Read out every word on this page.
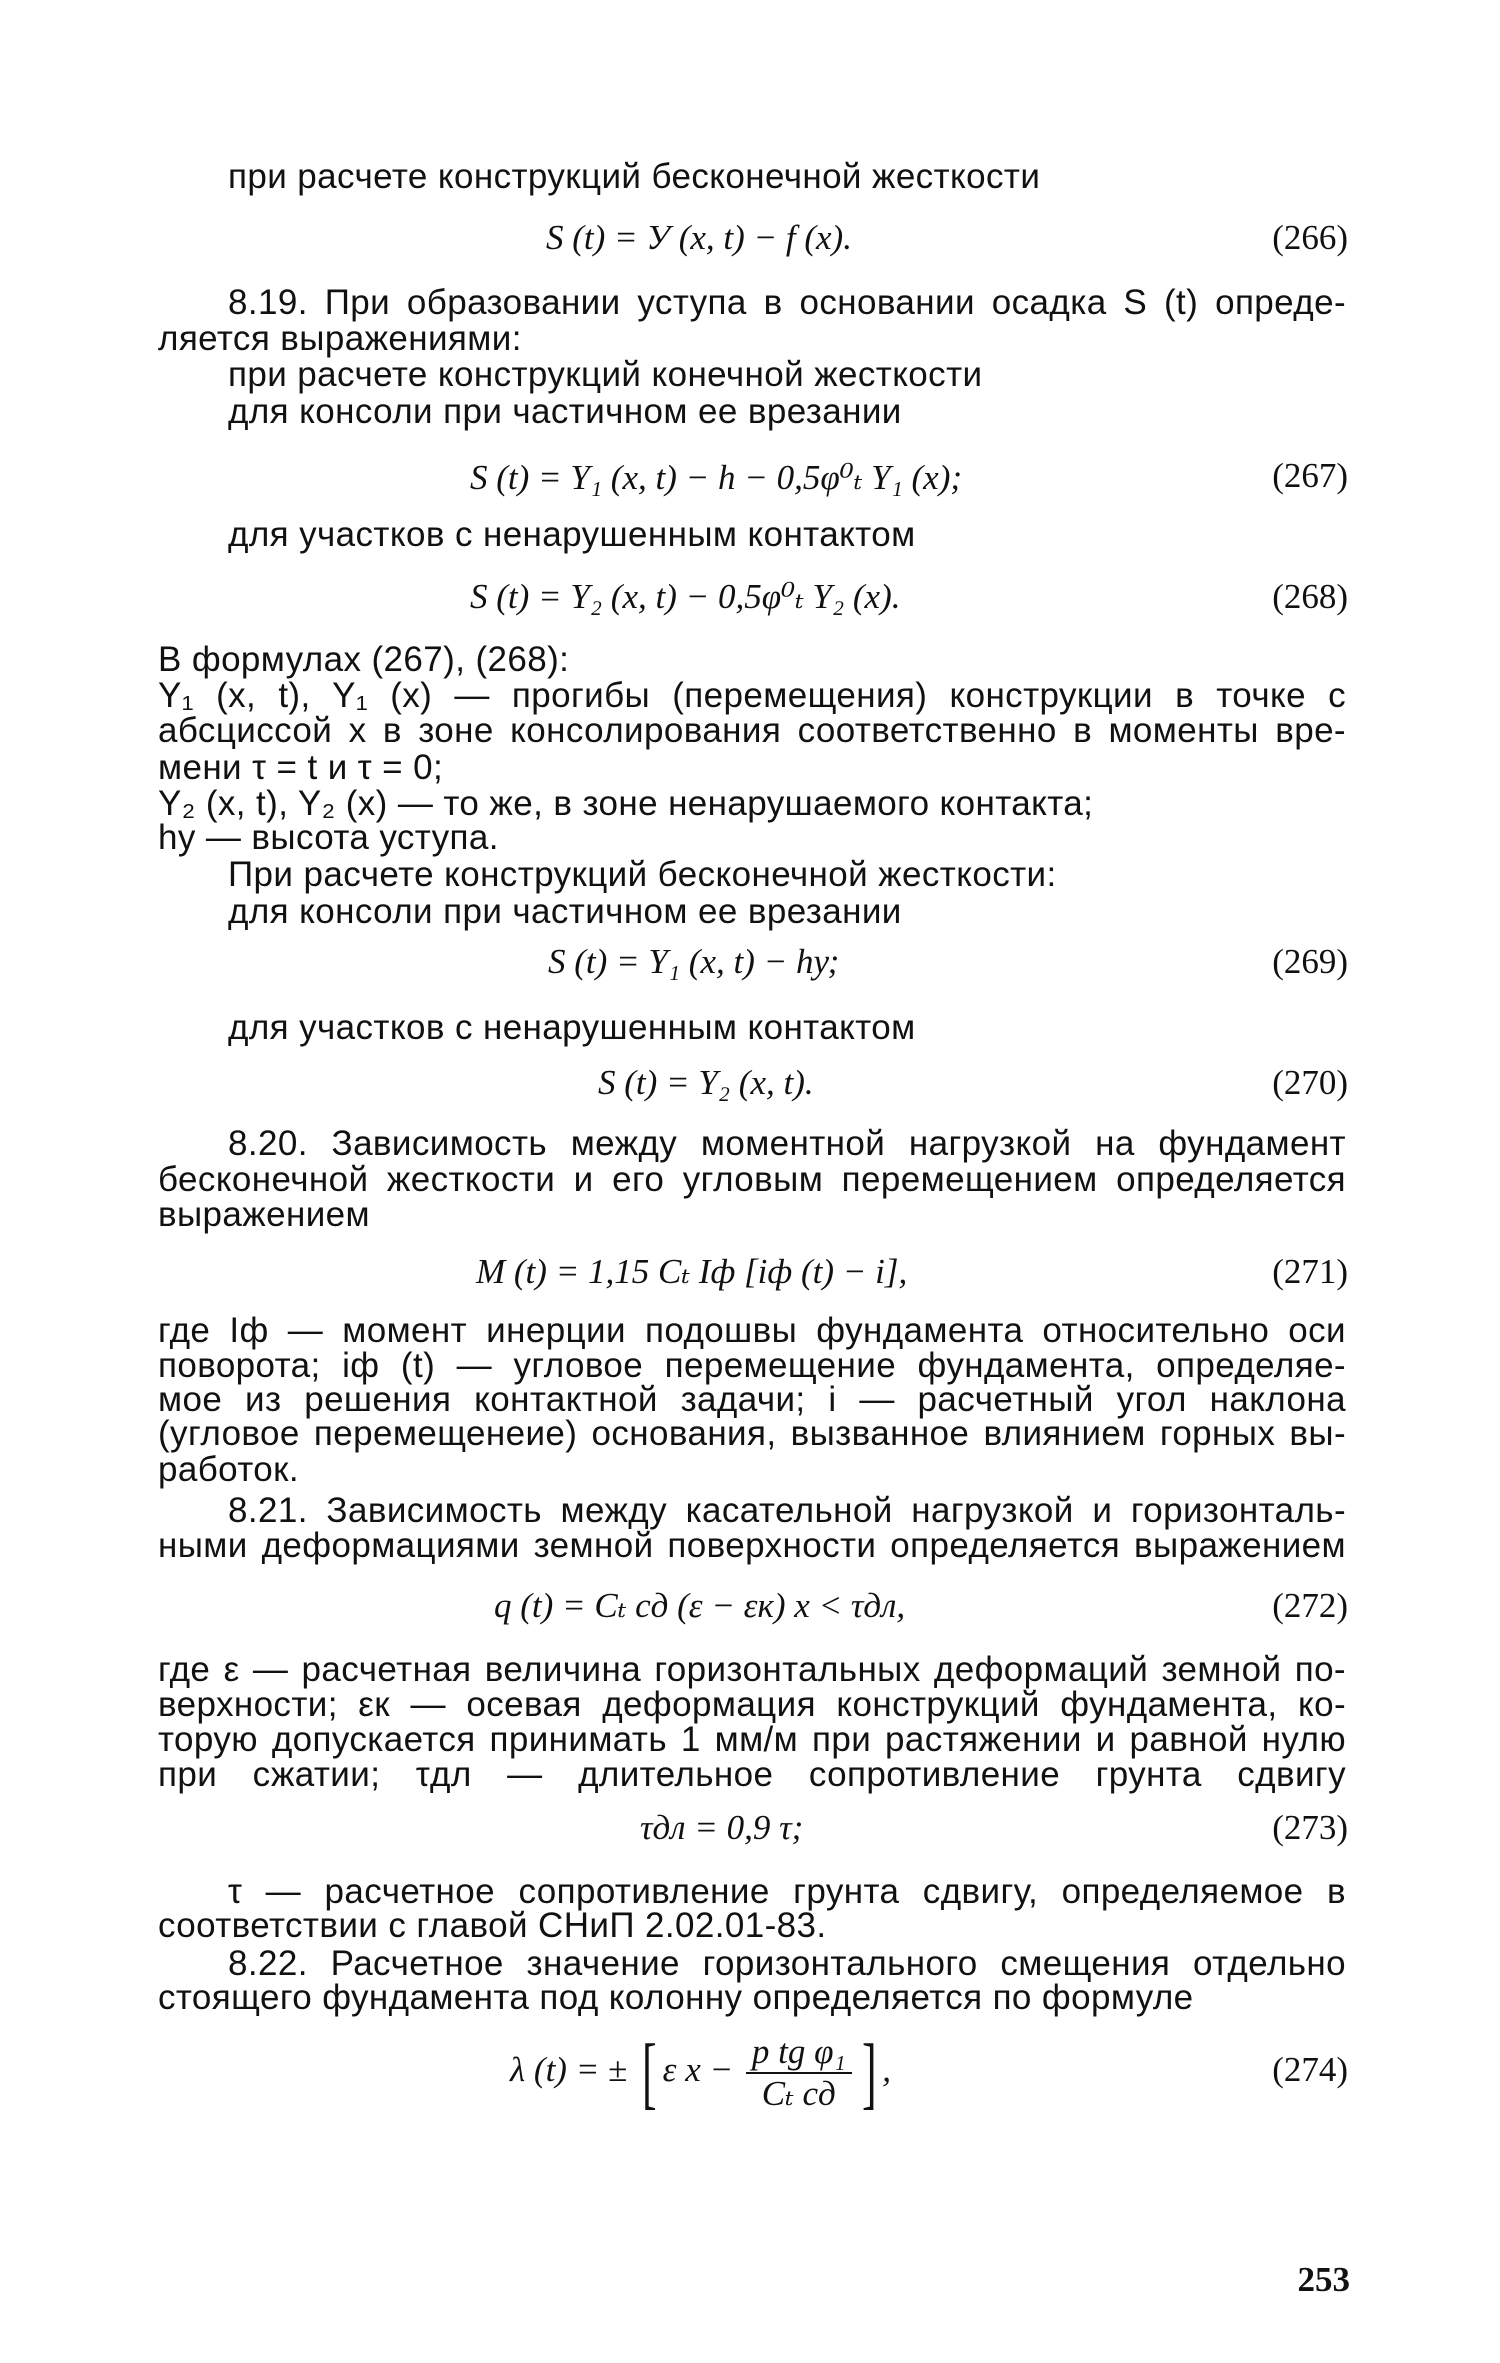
при расчете конструкций бесконечной жесткости
S (t) = У (x, t) − f (x).	(266)
8.19. При образовании уступа в основании осадка S (t) опреде-
ляется выражениями:
при расчете конструкций конечной жесткости
для консоли при частичном ее врезании
S (t) = Y₁ (x, t) − h − 0,5φ⁰ₜ Y₁ (x);	(267)
для участков с ненарушенным контактом
S (t) = Y₂ (x, t) − 0,5φ⁰ₜ Y₂ (x).	(268)
В формулах (267), (268):
Y₁ (x, t), Y₁ (x) — прогибы (перемещения) конструкции в точке с
абсциссой x в зоне консолирования соответственно в моменты вре-
мени τ = t и τ = 0;
Y₂ (x, t), Y₂ (x) — то же, в зоне ненарушаемого контакта;
hу — высота уступа.
При расчете конструкций бесконечной жесткости:
для консоли при частичном ее врезании
S (t) = Y₁ (x, t) − hу;	(269)
для участков с ненарушенным контактом
S (t) = Y₂ (x, t).	(270)
8.20. Зависимость между моментной нагрузкой на фундамент
бесконечной жесткости и его угловым перемещением определяется
выражением
M (t) = 1,15 Cₜ Iф [iф (t) − i],	(271)
где Iф — момент инерции подошвы фундамента относительно оси
поворота; iф (t) — угловое перемещение фундамента, определяе-
мое из решения контактной задачи; i — расчетный угол наклона
(угловое перемещенеие) основания, вызванное влиянием горных вы-
работок.
8.21. Зависимость между касательной нагрузкой и горизонталь-
ными деформациями земной поверхности определяется выражением
q (t) = Cₜ сд (ε − εк) x < τдл,	(272)
где ε — расчетная величина горизонтальных деформаций земной по-
верхности; εк — осевая деформация конструкций фундамента, ко-
торую допускается принимать 1 мм/м при растяжении и равной нулю
при сжатии; τдл — длительное сопротивление грунта сдвигу
τдл = 0,9 τ;	(273)
τ — расчетное сопротивление грунта сдвигу, определяемое в
соответствии с главой СНиП 2.02.01-83.
8.22. Расчетное значение горизонтального смещения отдельно
стоящего фундамента под колонну определяется по формуле
λ (t) = ± [ ε $x - \frac{\text{p tg φ₁}}{\text{Cₜ сд}}$ ] ,	(274)
253
